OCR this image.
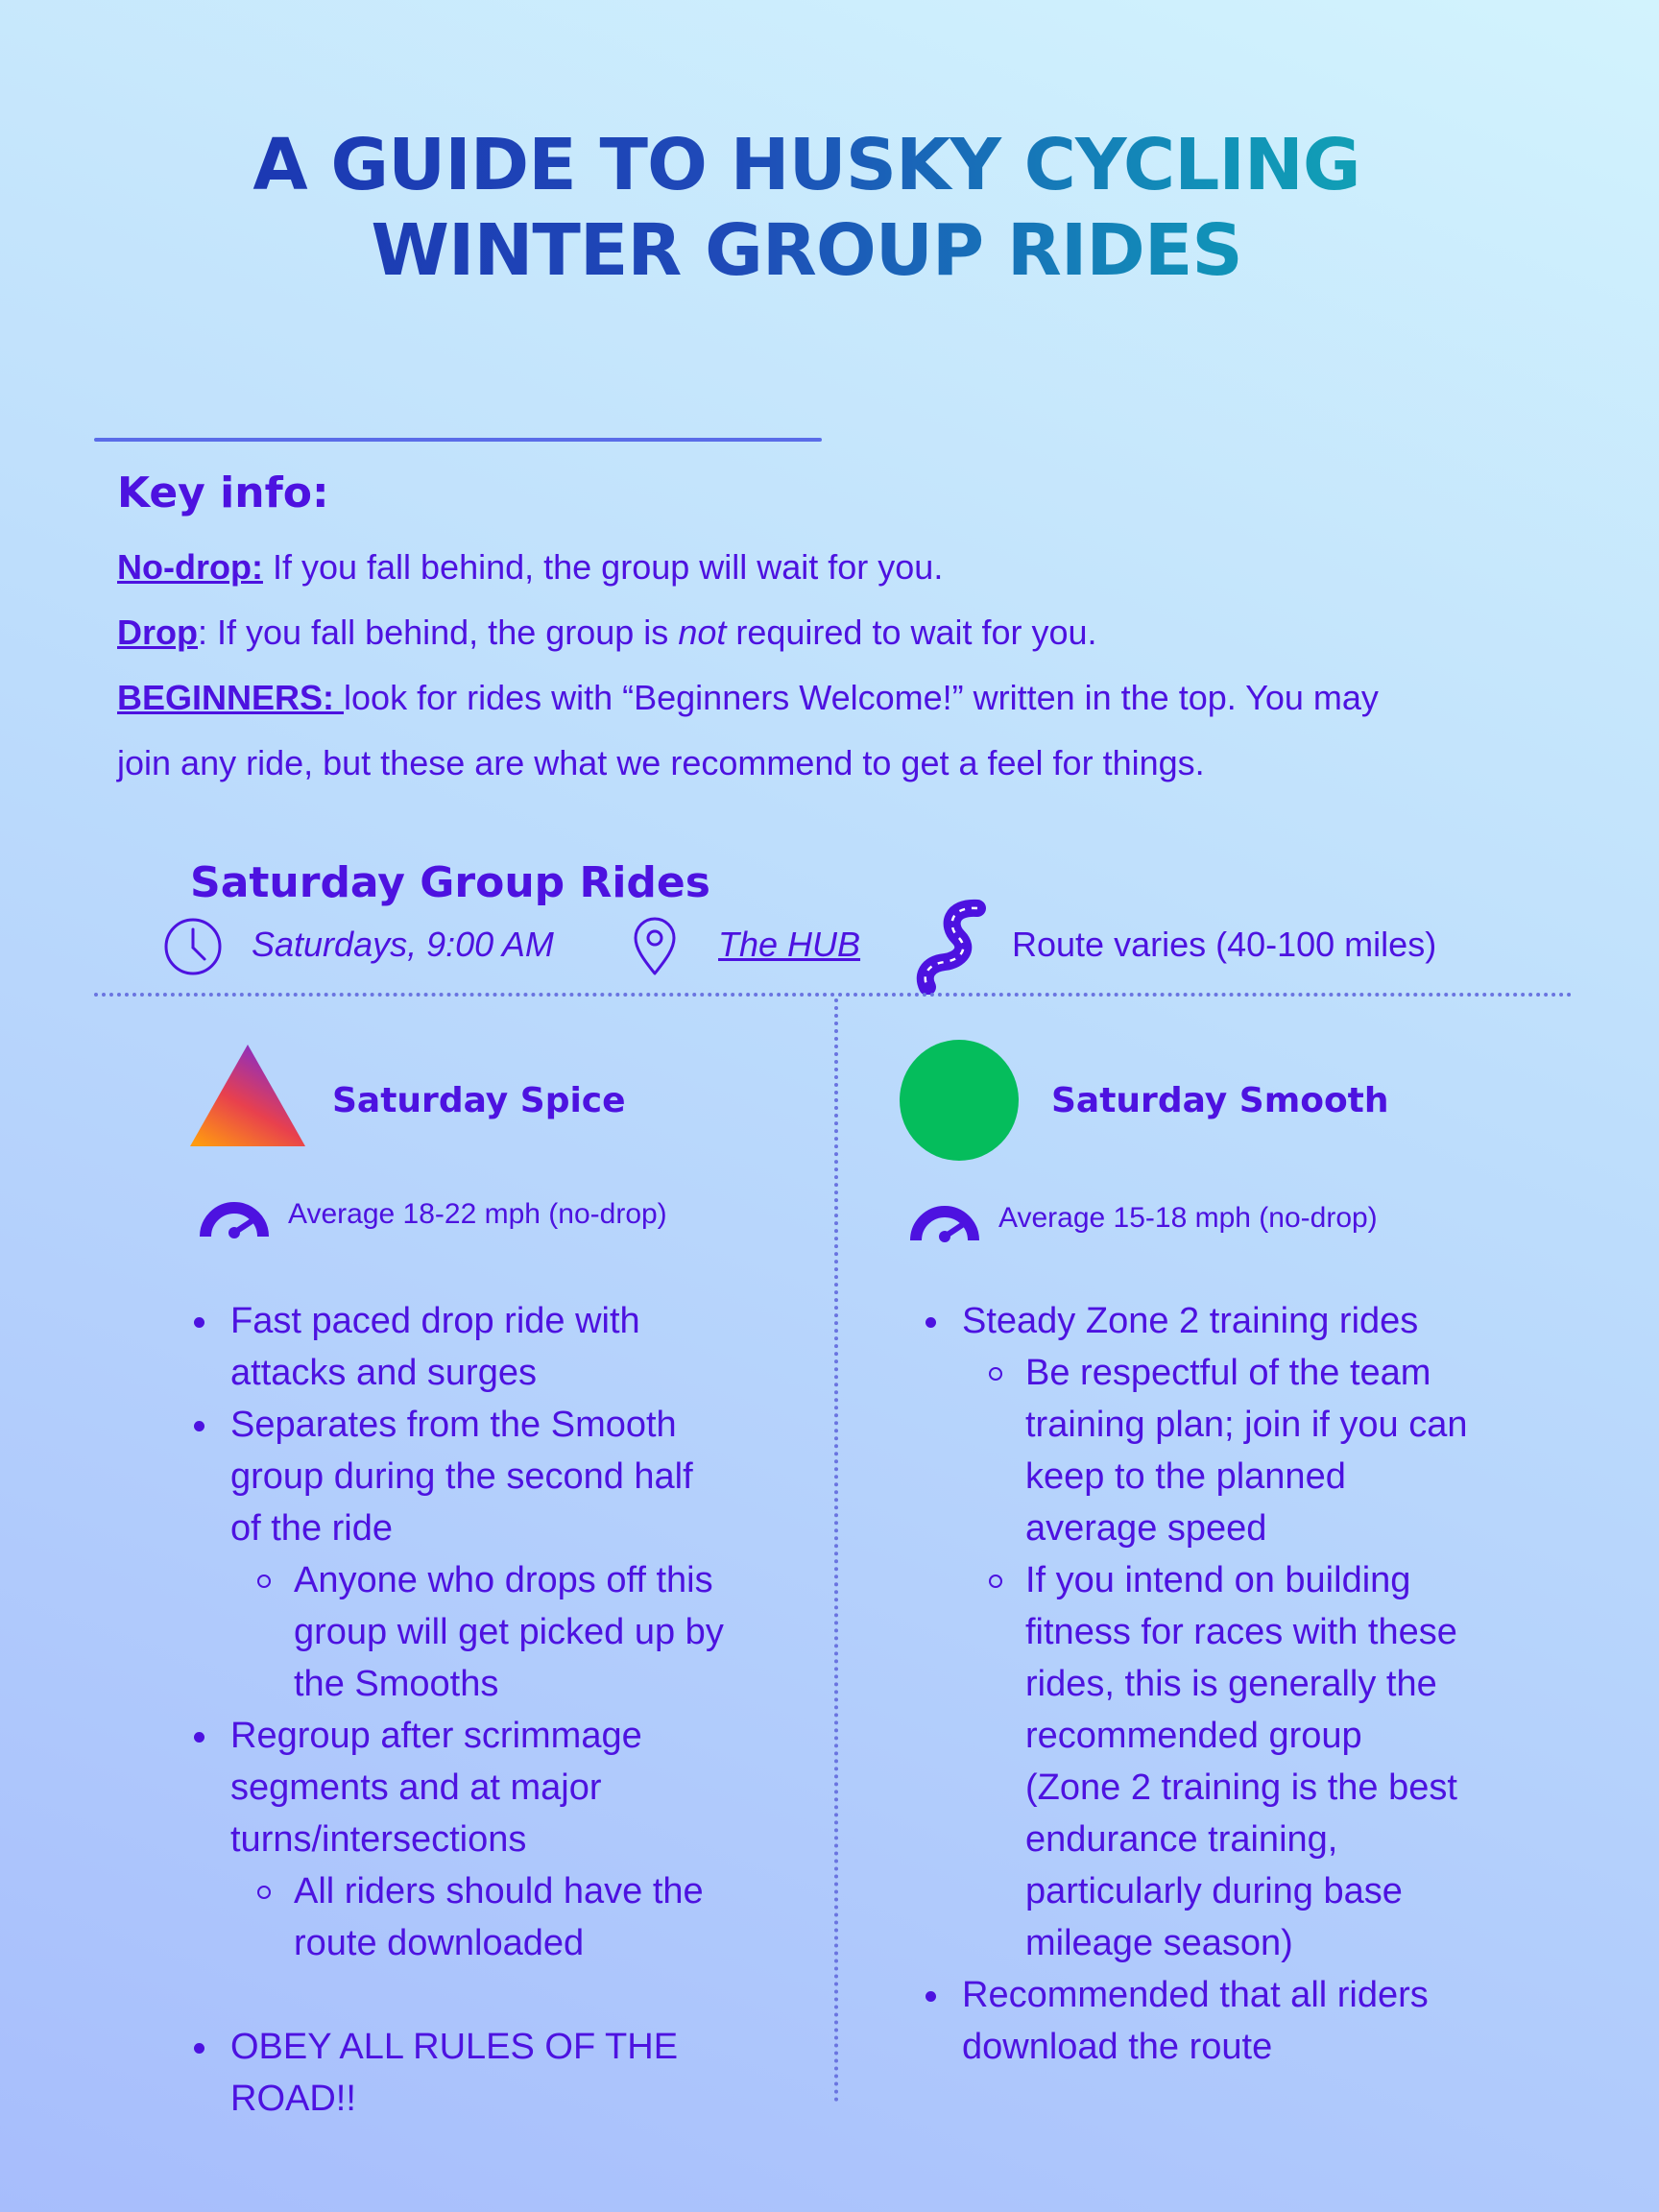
A GUIDE TO HUSKY CYCLING
WINTER GROUP RIDES
Key info:
No-drop: If you fall behind, the group will wait for you.
Drop: If you fall behind, the group is not required to wait for you.
BEGINNERS: look for rides with “Beginners Welcome!” written in the top. You may
join any ride, but these are what we recommend to get a feel for things.
Saturday Group Rides
Saturdays, 9:00 AM	The HUB	Route varies (40-100 miles)
Saturday Spice
Average 18-22 mph (no-drop)
Fast paced drop ride with
attacks and surges
Separates from the Smooth
group during the second half
of the ride
Anyone who drops off this
group will get picked up by
the Smooths
Regroup after scrimmage
segments and at major
turns/intersections
All riders should have the
route downloaded
OBEY ALL RULES OF THE ROAD!!
Saturday Smooth
Average 15-18 mph (no-drop)
Steady Zone 2 training rides
Be respectful of the team
training plan; join if you can
keep to the planned
average speed
If you intend on building
fitness for races with these
rides, this is generally the
recommended group
(Zone 2 training is the best
endurance training,
particularly during base
mileage season)
Recommended that all riders
download the route
